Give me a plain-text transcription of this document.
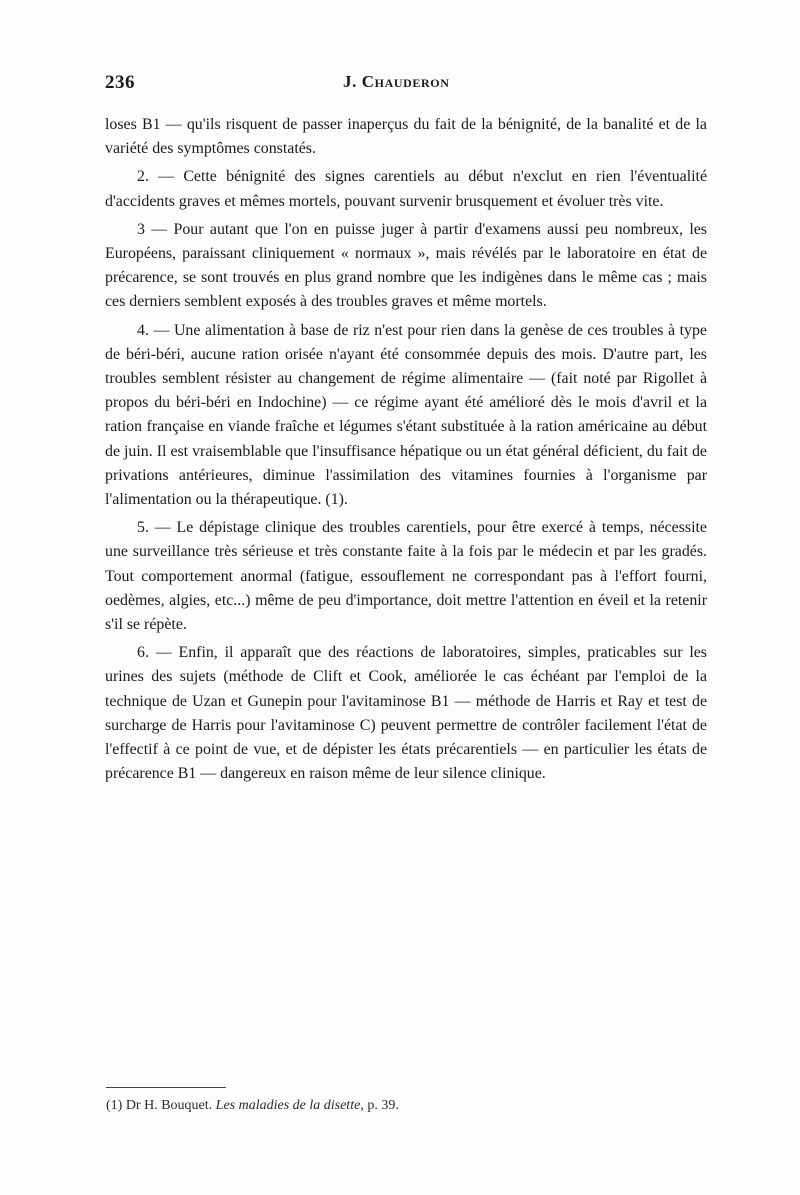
236	J. Chauderon

loses B1 — qu'ils risquent de passer inaperçus du fait de la bénignité, de la banalité et de la variété des symptômes constatés.

2. — Cette bénignité des signes carentiels au début n'exclut en rien l'éventualité d'accidents graves et mêmes mortels, pouvant survenir brusquement et évoluer très vite.

3 — Pour autant que l'on en puisse juger à partir d'examens aussi peu nombreux, les Européens, paraissant cliniquement « normaux », mais révélés par le laboratoire en état de précarence, se sont trouvés en plus grand nombre que les indigènes dans le même cas ; mais ces derniers semblent exposés à des troubles graves et même mortels.

4. — Une alimentation à base de riz n'est pour rien dans la genèse de ces troubles à type de béri-béri, aucune ration orisée n'ayant été consommée depuis des mois. D'autre part, les troubles semblent résister au changement de régime alimentaire — (fait noté par Rigollet à propos du béri-béri en Indochine) — ce régime ayant été amélioré dès le mois d'avril et la ration française en viande fraîche et légumes s'étant substituée à la ration américaine au début de juin. Il est vraisemblable que l'insuffisance hépatique ou un état général déficient, du fait de privations antérieures, diminue l'assimilation des vitamines fournies à l'organisme par l'alimentation ou la thérapeutique. (1).

5. — Le dépistage clinique des troubles carentiels, pour être exercé à temps, nécessite une surveillance très sérieuse et très constante faite à la fois par le médecin et par les gradés. Tout comportement anormal (fatigue, essouflement ne correspondant pas à l'effort fourni, oedèmes, algies, etc...) même de peu d'importance, doit mettre l'attention en éveil et la retenir s'il se répète.

6. — Enfin, il apparaît que des réactions de laboratoires, simples, praticables sur les urines des sujets (méthode de Clift et Cook, améliorée le cas échéant par l'emploi de la technique de Uzan et Gunepin pour l'avitaminose B1 — méthode de Harris et Ray et test de surcharge de Harris pour l'avitaminose C) peuvent permettre de contrôler facilement l'état de l'effectif à ce point de vue, et de dépister les états précarentiels — en particulier les états de précarence B1 — dangereux en raison même de leur silence clinique.

(1) Dr H. Bouquet. Les maladies de la disette, p. 39.
